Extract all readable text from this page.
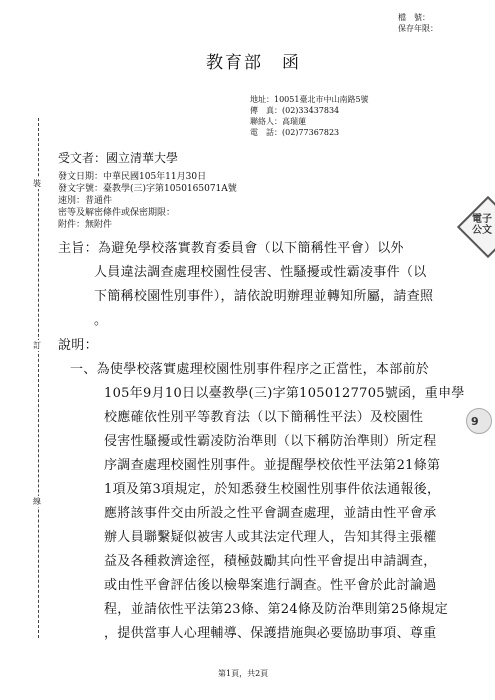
檔　號：
保存年限：
教育部　函
地址：10051臺北市中山南路5號
傳　真：(02)33437834
聯絡人：高瑞蓮
電　話：(02)77367823
受文者：國立清華大學
發文日期：中華民國105年11月30日
發文字號：臺教學(三)字第1050165071A號
速別：普通件
密等及解密條件或保密期限：
附件：無附件
主旨：為避免學校落實教育委員會（以下簡稱性平會）以外
人員違法調查處理校園性侵害、性騷擾或性霸凌事件（以
下簡稱校園性別事件），請依說明辦理並轉知所屬，請查照
。
說明：
一、為使學校落實處理校園性別事件程序之正當性，本部前於
105年9月10日以臺教學(三)字第1050127705號函，重申學
校應確依性別平等教育法（以下簡稱性平法）及校園性
侵害性騷擾或性霸凌防治準則（以下稱防治準則）所定程
序調查處理校園性別事件。並提醒學校依性平法第21條第
1項及第3項規定，於知悉發生校園性別事件依法通報後，
應將該事件交由所設之性平會調查處理，並請由性平會承
辦人員聯繫疑似被害人或其法定代理人，告知其得主張權
益及各種救濟途徑，積極鼓勵其向性平會提出申請調查，
或由性平會評估後以檢舉案進行調查。性平會於此討論過
程，並請依性平法第23條、第24條及防治準則第25條規定
，提供當事人心理輔導、保護措施與必要協助事項、尊重
裝
訂
線
電子
公文
9
第1頁，共2頁
